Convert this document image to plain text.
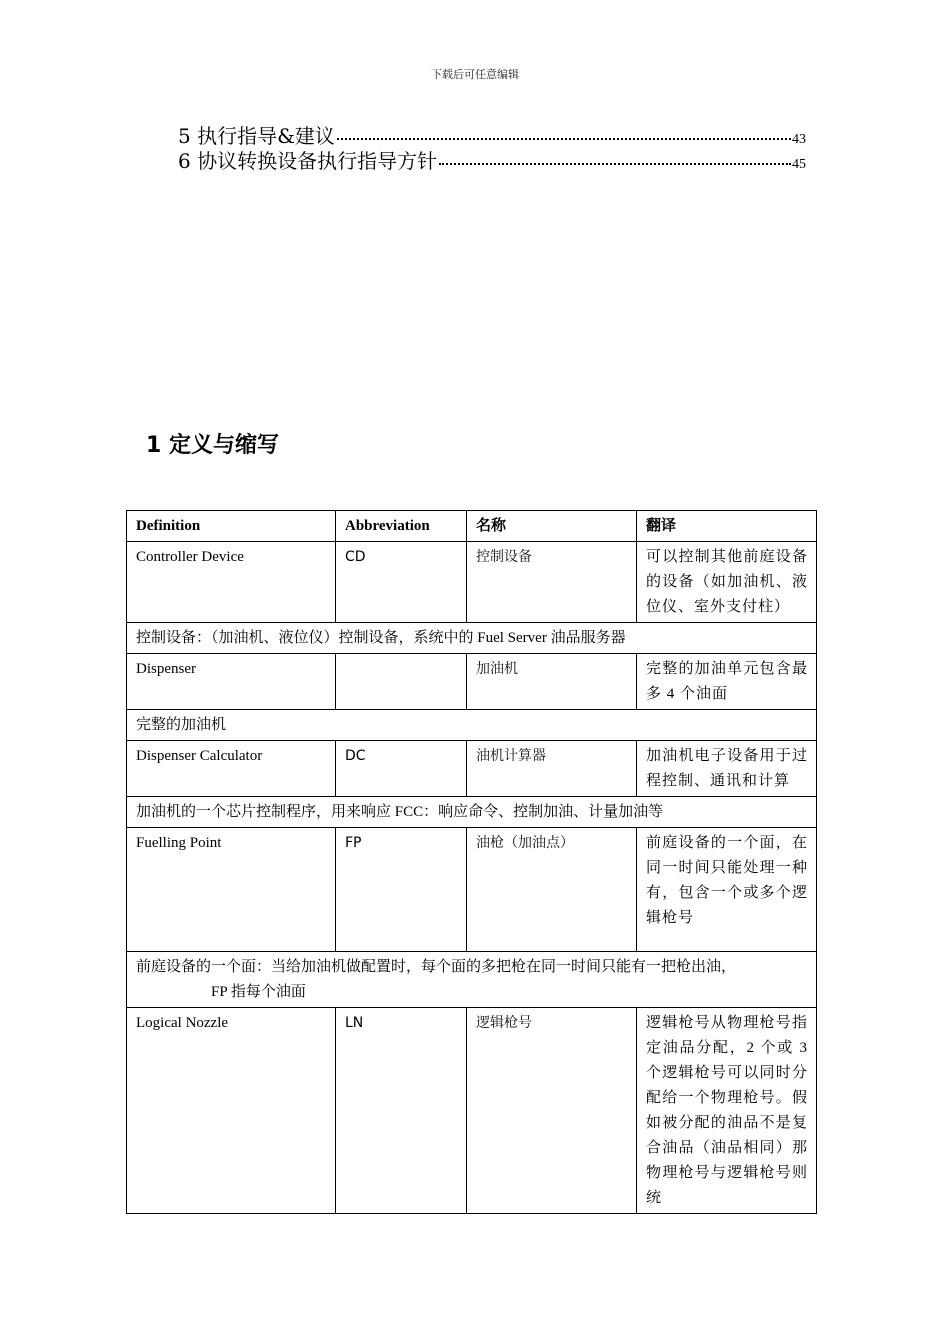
下载后可任意编辑
5 执行指导&建议	43
6 协议转换设备执行指导方针	45
1 定义与缩写
Definition	Abbreviation	名称	翻译
Controller Device	CD	控制设备	可以控制其他前庭设备的设备（如加油机、液位仪、室外支付柱）
控制设备：（加油机、液位仪）控制设备，系统中的 Fuel Server 油品服务器			
Dispenser		加油机	完整的加油单元包含最多 4 个油面
完整的加油机			
Dispenser Calculator	DC	油机计算器	加油机电子设备用于过程控制、通讯和计算
加油机的一个芯片控制程序，用来响应 FCC：响应命令、控制加油、计量加油等			
Fuelling Point	FP	油枪（加油点）	前庭设备的一个面，在同一时间只能处理一种有，包含一个或多个逻辑枪号

前庭设备的一个面：当给加油机做配置时，每个面的多把枪在同一时间只能有一把枪出油，
FP 指每个油面			
Logical Nozzle	LN	逻辑枪号	逻辑枪号从物理枪号指定油品分配，2 个或 3 个逻辑枪号可以同时分配给一个物理枪号。假如被分配的油品不是复合油品（油品相同）那物理枪号与逻辑枪号则统
